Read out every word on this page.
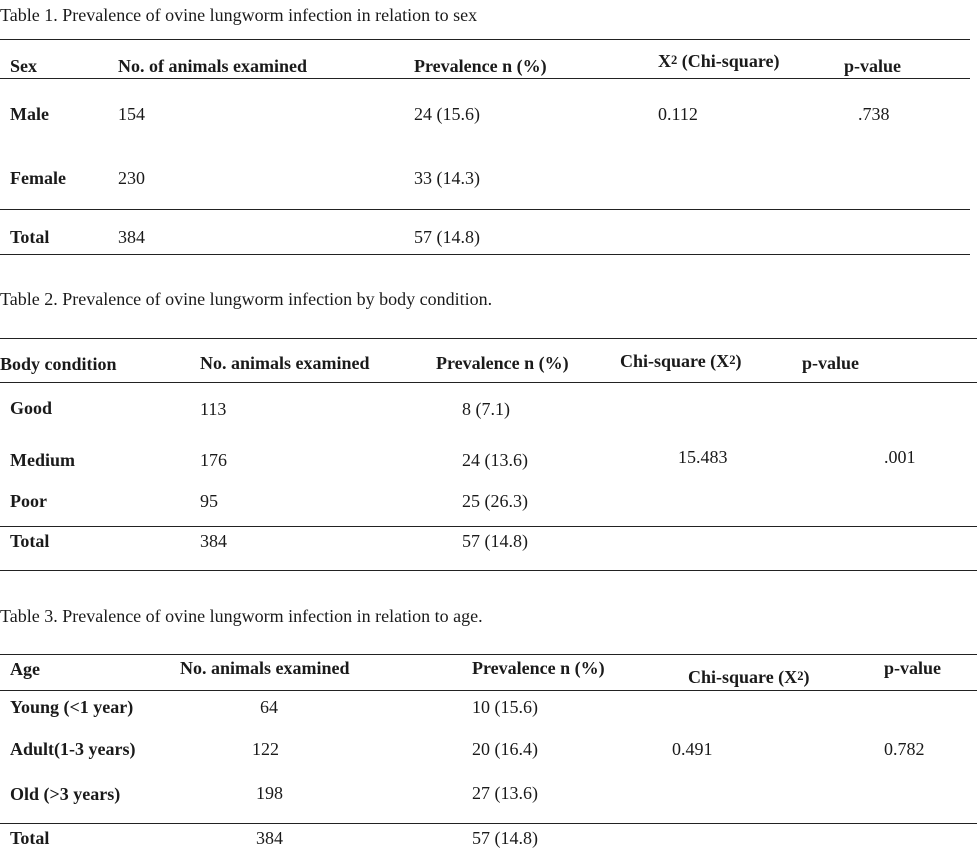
Table 1. Prevalence of ovine lungworm infection in relation to sex
Sex	No. of animals examined	Prevalence n (%)	$X^2$ (Chi-square)	p-value
Male	154	24 (15.6)	0.112	.738
Female	230	33 (14.3)
Total	384	57 (14.8)
Table 2. Prevalence of ovine lungworm infection by body condition.
Body condition	No. animals examined	Prevalence n (%)	Chi-square $(X^2)$	p-value
Good	113	8 (7.1)
Medium	176	24 (13.6)	15.483	.001
Poor	95	25 (26.3)
Total	384	57 (14.8)
Table 3. Prevalence of ovine lungworm infection in relation to age.
Age	No. animals examined	Prevalence n (%)	Chi-square $(X^2)$	p-value
Young (<1 year)	64	10 (15.6)
Adult(1-3 years)	122	20 (16.4)	0.491	0.782
Old (>3 years)	198	27 (13.6)
Total	384	57 (14.8)
